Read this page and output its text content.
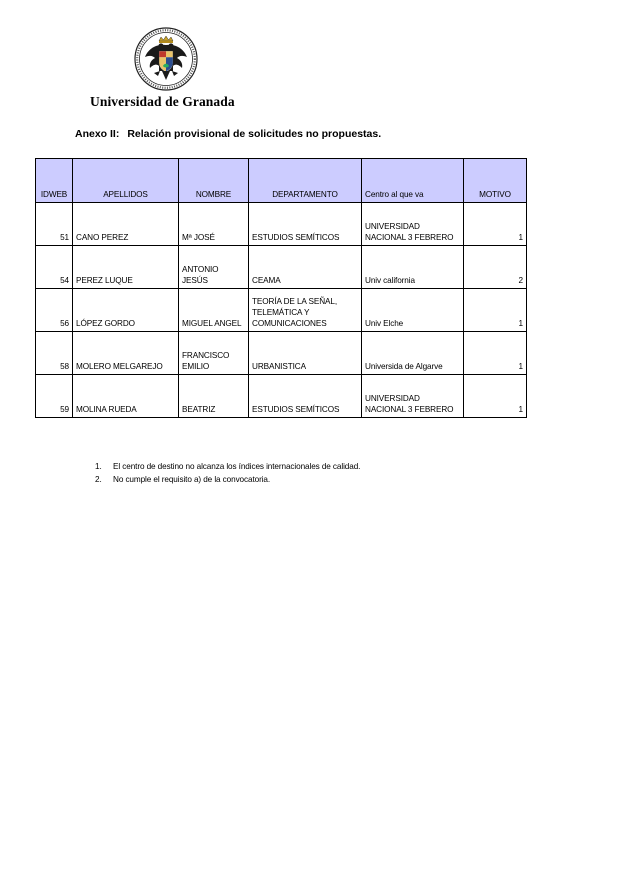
Universidad de Granada
Anexo II: Relación provisional de solicitudes no propuestas.
IDWEB	APELLIDOS	NOMBRE	DEPARTAMENTO	Centro al que va	MOTIVO
51	CANO PEREZ	Mª JOSÉ	ESTUDIOS SEMÍTICOS	UNIVERSIDAD NACIONAL 3 FEBRERO	1
54	PEREZ LUQUE	ANTONIO JESÚS	CEAMA	Univ california	2
56	LÓPEZ GORDO	MIGUEL ANGEL	TEORÍA DE LA SEÑAL, TELEMÁTICA Y COMUNICACIONES	Univ Elche	1
58	MOLERO MELGAREJO	FRANCISCO EMILIO	URBANISTICA	Universida de Algarve	1
59	MOLINA RUEDA	BEATRIZ	ESTUDIOS SEMÍTICOS	UNIVERSIDAD NACIONAL 3 FEBRERO	1
1. El centro de destino no alcanza los índices internacionales de calidad.
2. No cumple el requisito a) de la convocatoria.
